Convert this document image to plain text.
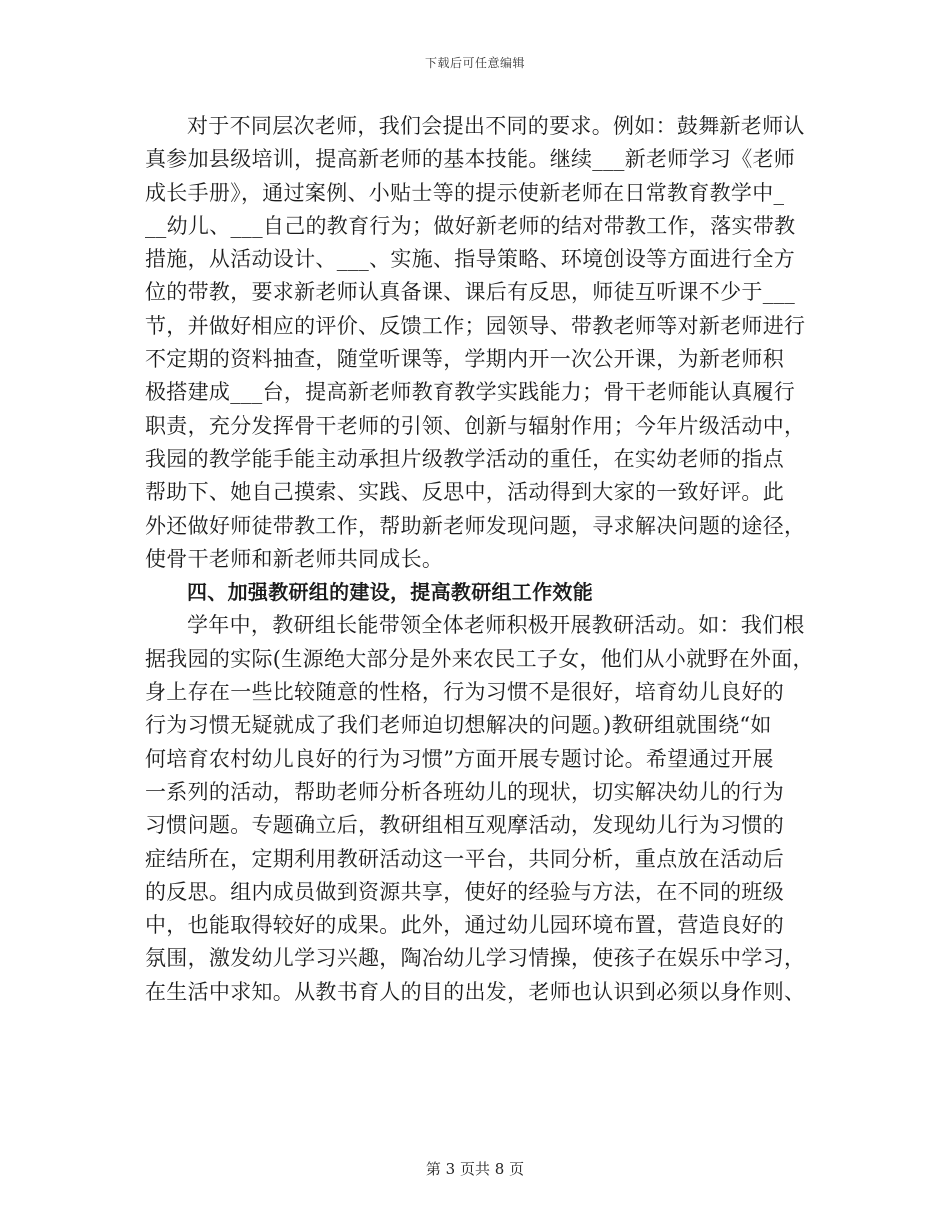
下载后可任意编辑
对于不同层次老师，我们会提出不同的要求。例如：鼓舞新老师认
真参加县级培训，提高新老师的基本技能。继续___新老师学习《老师
成长手册》，通过案例、小贴士等的提示使新老师在日常教育教学中_
__幼儿、___自己的教育行为；做好新老师的结对带教工作，落实带教
措施，从活动设计、___、实施、指导策略、环境创设等方面进行全方
位的带教，要求新老师认真备课、课后有反思，师徒互听课不少于___
节，并做好相应的评价、反馈工作；园领导、带教老师等对新老师进行
不定期的资料抽查，随堂听课等，学期内开一次公开课，为新老师积
极搭建成___台，提高新老师教育教学实践能力；骨干老师能认真履行
职责，充分发挥骨干老师的引领、创新与辐射作用；今年片级活动中，
我园的教学能手能主动承担片级教学活动的重任，在实幼老师的指点
帮助下、她自己摸索、实践、反思中，活动得到大家的一致好评。此
外还做好师徒带教工作，帮助新老师发现问题，寻求解决问题的途径，
使骨干老师和新老师共同成长。
四、加强教研组的建设，提高教研组工作效能
学年中，教研组长能带领全体老师积极开展教研活动。如：我们根
据我园的实际(生源绝大部分是外来农民工子女，他们从小就野在外面，
身上存在一些比较随意的性格，行为习惯不是很好，培育幼儿良好的
行为习惯无疑就成了我们老师迫切想解决的问题。)教研组就围绕“如
何培育农村幼儿良好的行为习惯”方面开展专题讨论。希望通过开展
一系列的活动，帮助老师分析各班幼儿的现状，切实解决幼儿的行为
习惯问题。专题确立后，教研组相互观摩活动，发现幼儿行为习惯的
症结所在，定期利用教研活动这一平台，共同分析，重点放在活动后
的反思。组内成员做到资源共享，使好的经验与方法，在不同的班级
中，也能取得较好的成果。此外，通过幼儿园环境布置，营造良好的
氛围，激发幼儿学习兴趣，陶冶幼儿学习情操，使孩子在娱乐中学习，
在生活中求知。从教书育人的目的出发，老师也认识到必须以身作则、
第 3 页共 8 页
